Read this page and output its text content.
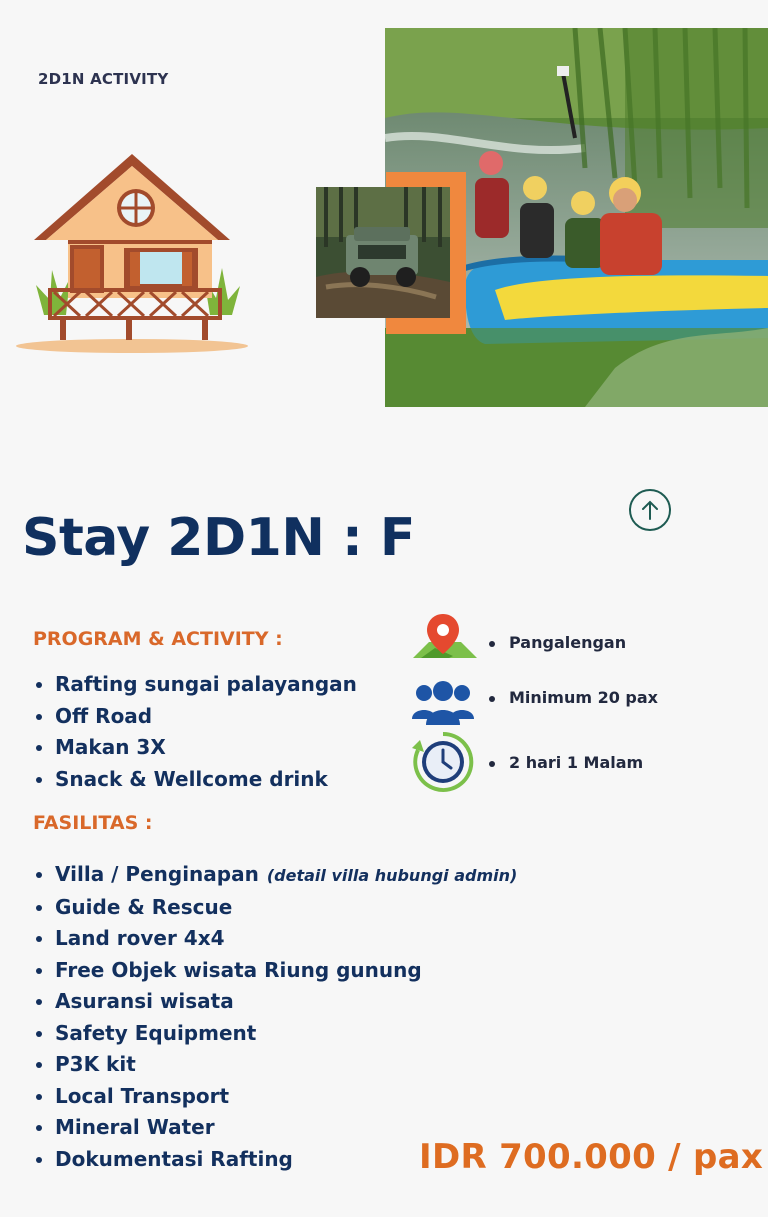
2D1N ACTIVITY
Stay 2D1N : F
PROGRAM & ACTIVITY :
Rafting sungai palayangan
Off Road
Makan 3X
Snack & Wellcome drink
FASILITAS :
Villa / Penginapan (detail villa hubungi admin)
Guide & Rescue
Land rover 4x4
Free Objek wisata Riung gunung
Asuransi wisata
Safety Equipment
P3K kit
Local Transport
Mineral Water
Dokumentasi Rafting
Pangalengan
Minimum 20 pax
2 hari 1 Malam
IDR 700.000 / pax
